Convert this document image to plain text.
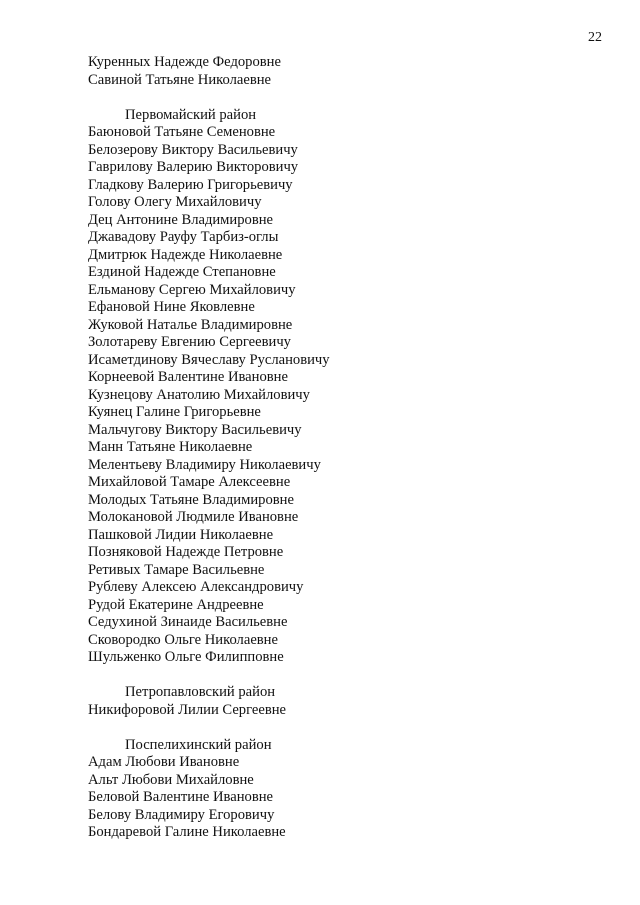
22
Куренных Надежде Федоровне
Савиной Татьяне Николаевне
Первомайский район
Баюновой Татьяне Семеновне
Белозерову Виктору Васильевичу
Гаврилову Валерию Викторовичу
Гладкову Валерию Григорьевичу
Голову Олегу Михайловичу
Дец Антонине Владимировне
Джавадову Рауфу Тарбиз-оглы
Дмитрюк Надежде Николаевне
Ездиной Надежде Степановне
Ельманову Сергею Михайловичу
Ефановой Нине Яковлевне
Жуковой Наталье Владимировне
Золотареву Евгению Сергеевичу
Исаметдинову Вячеславу Руслановичу
Корнеевой Валентине Ивановне
Кузнецову Анатолию Михайловичу
Куянец Галине Григорьевне
Мальчугову Виктору Васильевичу
Манн Татьяне Николаевне
Мелентьеву Владимиру Николаевичу
Михайловой Тамаре Алексеевне
Молодых Татьяне Владимировне
Молокановой Людмиле Ивановне
Пашковой Лидии Николаевне
Позняковой Надежде Петровне
Ретивых Тамаре Васильевне
Рублеву Алексею Александровичу
Рудой Екатерине Андреевне
Седухиной Зинаиде Васильевне
Сковородко Ольге Николаевне
Шульженко Ольге Филипповне
Петропавловский район
Никифоровой Лилии Сергеевне
Поспелихинский район
Адам Любови Ивановне
Альт Любови Михайловне
Беловой Валентине Ивановне
Белову Владимиру Егоровичу
Бондаревой Галине Николаевне
